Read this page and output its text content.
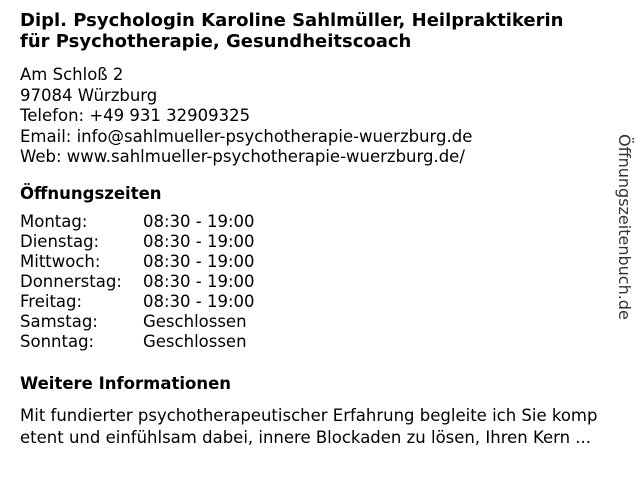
Dipl. Psychologin Karoline Sahlmüller, Heilpraktikerin
für Psychotherapie, Gesundheitscoach
Am Schloß 2
97084 Würzburg
Telefon: +49 931 32909325
Email: info@sahlmueller-psychotherapie-wuerzburg.de
Web: www.sahlmueller-psychotherapie-wuerzburg.de/
Öffnungszeiten
Montag:	08:30 - 19:00
Dienstag:	08:30 - 19:00
Mittwoch:	08:30 - 19:00
Donnerstag:	08:30 - 19:00
Freitag:	08:30 - 19:00
Samstag:	Geschlossen
Sonntag:	Geschlossen
Weitere Informationen
Mit fundierter psychotherapeutischer Erfahrung begleite ich Sie komp
etent und einfühlsam dabei, innere Blockaden zu lösen, Ihren Kern ...
Öffnungszeitenbuch.de
